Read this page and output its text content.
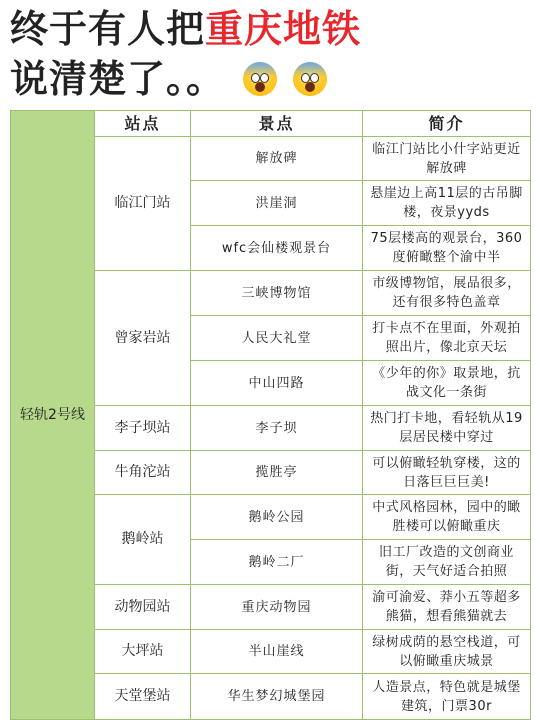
终于有人把重庆地铁
说清楚了。。

轻轨2号线	站点	景点	简介
	临江门站	解放碑	临江门站比小什字站更近解放碑
		洪崖洞	悬崖边上高11层的古吊脚楼，夜景yyds
		wfc会仙楼观景台	75层楼高的观景台，360度俯瞰整个渝中半
	曾家岩站	三峡博物馆	市级博物馆，展品很多，还有很多特色盖章
		人民大礼堂	打卡点不在里面，外观拍照出片，像北京天坛
		中山四路	《少年的你》取景地，抗战文化一条街
	李子坝站	李子坝	热门打卡地，看轻轨从19层居民楼中穿过
	牛角沱站	揽胜亭	可以俯瞰轻轨穿楼，这的日落巨巨巨美!
	鹅岭站	鹅岭公园	中式风格园林，园中的瞰胜楼可以俯瞰重庆
		鹅岭二厂	旧工厂改造的文创商业街，天气好适合拍照
	动物园站	重庆动物园	渝可渝爱、莽小五等超多熊猫，想看熊猫就去
	大坪站	半山崖线	绿树成荫的悬空栈道，可以俯瞰重庆城景
	天堂堡站	华生梦幻城堡园	人造景点，特色就是城堡建筑，门票30r
